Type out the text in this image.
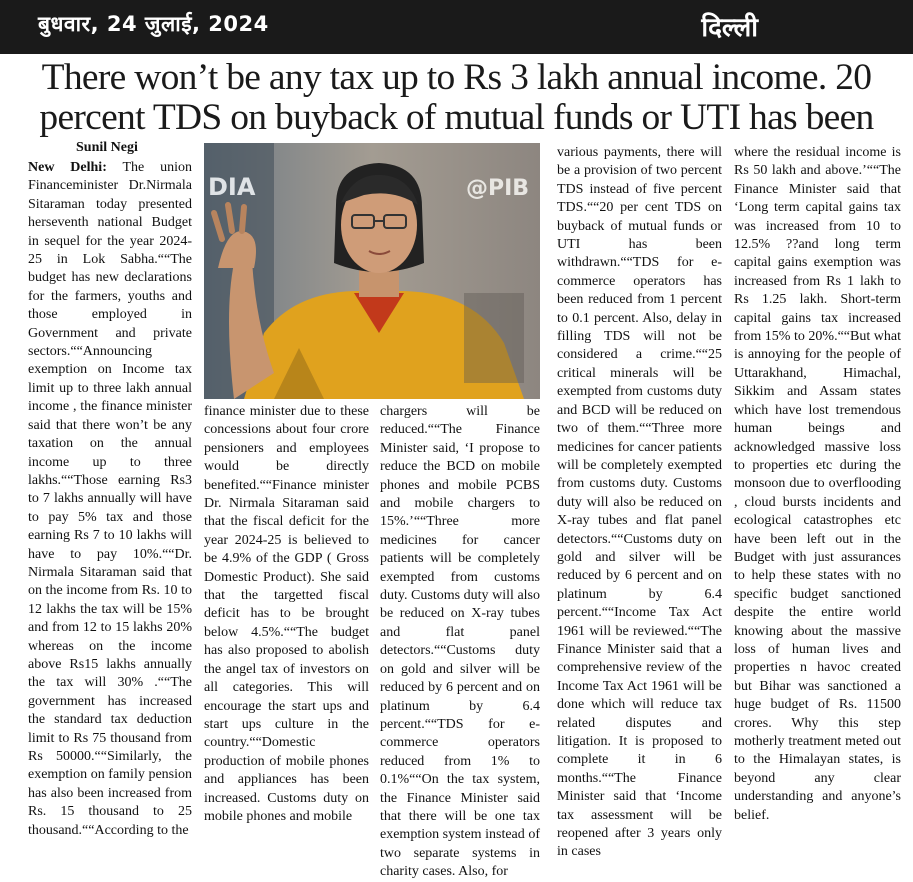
बुधवार, 24 जुलाई, 2024	दिल्ली
There won’t be any tax up to Rs 3 lakh annual income. 20 percent TDS on buyback of mutual funds or UTI has been
Sunil Negi
New Delhi: The union Financeminister Dr.Nirmala Sitaraman today presented herseventh national Budget in sequel for the year 2024-25 in Lok Sabha.““The budget has new declarations for the farmers, youths and those employed in Government and private sectors.““Announcing exemption on Income tax limit up to three lakh annual income , the finance minister said that there won’t be any taxation on the annual income up to three lakhs.““Those earning Rs3 to 7 lakhs annually will have to pay 5% tax and those earning Rs 7 to 10 lakhs will have to pay 10%.““Dr. Nirmala Sitaraman said that on the income from Rs. 10 to 12 lakhs the tax will be 15% and from 12 to 15 lakhs 20% whereas on the income above Rs15 lakhs annually the tax will 30% .““The government has increased the standard tax deduction limit to Rs 75 thousand from Rs 50000.““Similarly, the exemption on family pension has also been increased from Rs. 15 thousand to 25 thousand.““According to the
DIA	@PIB
finance minister due to these concessions about four crore pensioners and employees would be directly benefited.““Finance minister Dr. Nirmala Sitaraman said that the fiscal deficit for the year 2024-25 is believed to be 4.9% of the GDP ( Gross Domestic Product). She said that the targetted fiscal deficit has to be brought below 4.5%.““The budget has also proposed to abolish the angel tax of investors on all categories. This will encourage the start ups and start ups culture in the country.““Domestic production of mobile phones and appliances has been increased. Customs duty on mobile phones and mobile
chargers will be reduced.““The Finance Minister said, ‘I propose to reduce the BCD on mobile phones and mobile PCBS and mobile chargers to 15%.’““Three more medicines for cancer patients will be completely exempted from customs duty. Customs duty will also be reduced on X-ray tubes and flat panel detectors.““Customs duty on gold and silver will be reduced by 6 percent and on platinum by 6.4 percent.““TDS for e-commerce operators reduced from 1% to 0.1%““On the tax system, the Finance Minister said that there will be one tax exemption system instead of two separate systems in charity cases. Also, for
various payments, there will be a provision of two percent TDS instead of five percent TDS.““20 per cent TDS on buyback of mutual funds or UTI has been withdrawn.““TDS for e-commerce operators has been reduced from 1 percent to 0.1 percent. Also, delay in filling TDS will not be considered a crime.““25 critical minerals will be exempted from customs duty and BCD will be reduced on two of them.““Three more medicines for cancer patients will be completely exempted from customs duty. Customs duty will also be reduced on X-ray tubes and flat panel detectors.““Customs duty on gold and silver will be reduced by 6 percent and on platinum by 6.4 percent.““Income Tax Act 1961 will be reviewed.““The Finance Minister said that a comprehensive review of the Income Tax Act 1961 will be done which will reduce tax related disputes and litigation. It is proposed to complete it in 6 months.““The Finance Minister said that ‘Income tax assessment will be reopened after 3 years only in cases
where the residual income is Rs 50 lakh and above.’““The Finance Minister said that ‘Long term capital gains tax was increased from 10 to 12.5% ??and long term capital gains exemption was increased from Rs 1 lakh to Rs 1.25 lakh. Short-term capital gains tax increased from 15% to 20%.““But what is annoying for the people of Uttarakhand, Himachal, Sikkim and Assam states which have lost tremendous human beings and acknowledged massive loss to properties etc during the monsoon due to overflooding , cloud bursts incidents and ecological catastrophes etc have been left out in the Budget with just assurances to help these states with no specific budget sanctioned despite the entire world knowing about the massive loss of human lives and properties n havoc created but Bihar was sanctioned a huge budget of Rs. 11500 crores. Why this step motherly treatment meted out to the Himalayan states, is beyond any clear understanding and anyone’s belief.
